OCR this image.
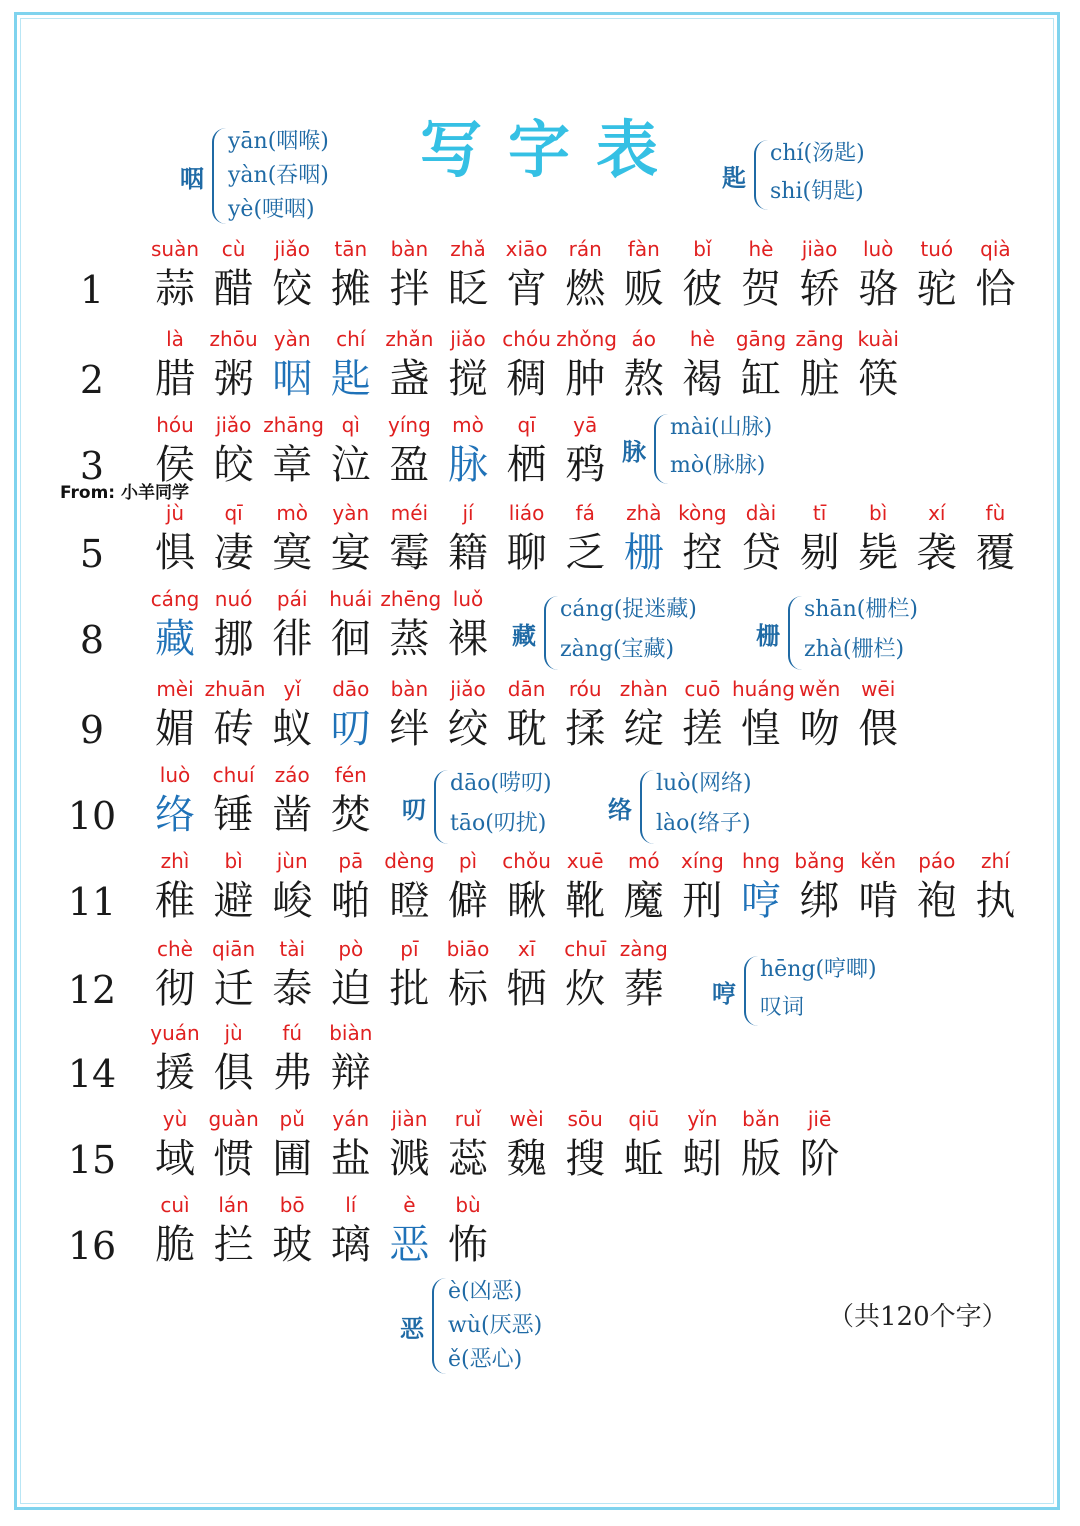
写字表
1
suàn
蒜
cù
醋
jiǎo
饺
tān
摊
bàn
拌
zhǎ
眨
xiāo
宵
rán
燃
fàn
贩
bǐ
彼
hè
贺
jiào
轿
luò
骆
tuó
驼
qià
恰
2
là
腊
zhōu
粥
yàn
咽
chí
匙
zhǎn
盏
jiǎo
搅
chóu
稠
zhǒng
肿
áo
熬
hè
褐
gāng
缸
zāng
脏
kuài
筷
3
hóu
侯
jiǎo
皎
zhāng
章
qì
泣
yíng
盈
mò
脉
qī
栖
yā
鸦
5
jù
惧
qī
凄
mò
寞
yàn
宴
méi
霉
jí
籍
liáo
聊
fá
乏
zhà
栅
kòng
控
dài
贷
tī
剔
bì
毙
xí
袭
fù
覆
8
cáng
藏
nuó
挪
pái
徘
huái
徊
zhēng
蒸
luǒ
裸
9
mèi
媚
zhuān
砖
yǐ
蚁
dāo
叨
bàn
绊
jiǎo
绞
dān
耽
róu
揉
zhàn
绽
cuō
搓
huáng
惶
wěn
吻
wēi
偎
10
luò
络
chuí
锤
záo
凿
fén
焚
11
zhì
稚
bì
避
jùn
峻
pā
啪
dèng
瞪
pì
僻
chǒu
瞅
xuē
靴
mó
魔
xíng
刑
hng
哼
bǎng
绑
kěn
啃
páo
袍
zhí
执
12
chè
彻
qiān
迁
tài
泰
pò
迫
pī
批
biāo
标
xī
牺
chuī
炊
zàng
葬
14
yuán
援
jù
俱
fú
弗
biàn
辩
15
yù
域
guàn
惯
pǔ
圃
yán
盐
jiàn
溅
ruǐ
蕊
wèi
魏
sōu
搜
qiū
蚯
yǐn
蚓
bǎn
版
jiē
阶
16
cuì
脆
lán
拦
bō
玻
lí
璃
è
恶
bù
怖
咽
yān(咽喉)
yàn(吞咽)
yè(哽咽)
匙
chí(汤匙)
shi(钥匙)
脉
mài(山脉)
mò(脉脉)
藏
cáng(捉迷藏)
zàng(宝藏)	栅
shān(栅栏)
zhà(栅栏)
叨
dāo(唠叨)
tāo(叨扰)	络
luò(网络)
lào(络子)
哼
hēng(哼唧)
叹词
恶
è(凶恶)
wù(厌恶)
ě(恶心)
From: 小羊同学
（共120个字）
